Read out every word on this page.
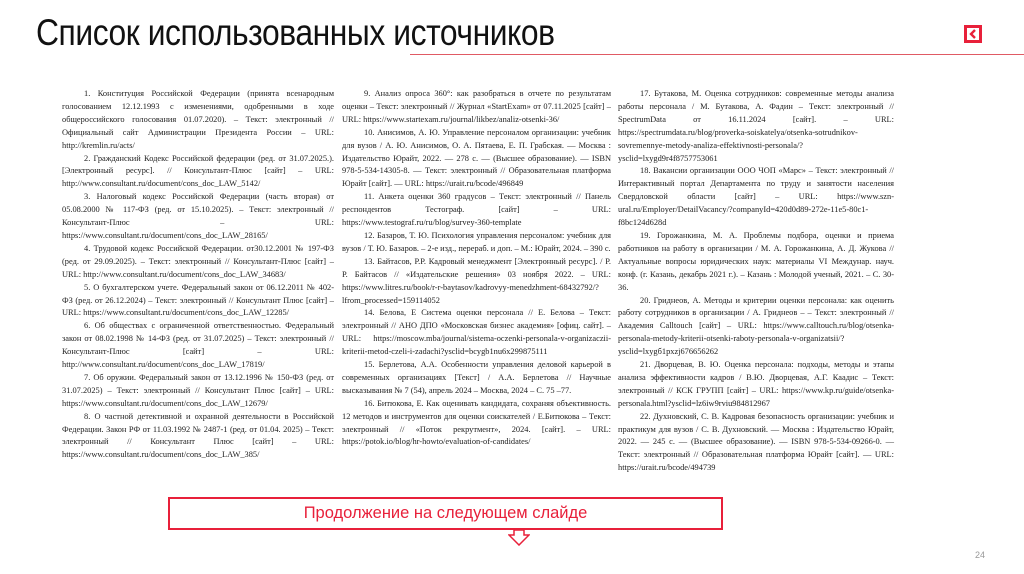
Список использованных источников

1. Конституция Российской Федерации (принята всенародным голосованием 12.12.1993 с изменениями, одобренными в ходе общероссийского голосования 01.07.2020). – Текст: электронный // Официальный сайт Администрации Президента России – URL: http://kremlin.ru/acts/

2. Гражданский Кодекс Российской федерации (ред. от 31.07.2025.). [Электронный ресурс]. // Консультант-Плюс [сайт] – URL: http://www.consultant.ru/document/cons_doc_LAW_5142/

3. Налоговый кодекс Российской Федерации (часть вторая) от 05.08.2000 № 117-ФЗ (ред. от 15.10.2025). – Текст: электронный // Консультант-Плюс – URL: https://www.consultant.ru/document/cons_doc_LAW_28165/

4. Трудовой кодекс Российской Федерации. от30.12.2001 № 197-ФЗ (ред. от 29.09.2025). – Текст: электронный // Консультант-Плюс [сайт] – URL: http://www.consultant.ru/document/cons_doc_LAW_34683/

5. О бухгалтерском учете. Федеральный закон от 06.12.2011 № 402-ФЗ (ред. от 26.12.2024) – Текст: электронный // Консультант Плюс [сайт] – URL: https://www.consultant.ru/document/cons_doc_LAW_12285/

6. Об обществах с ограниченной ответственностью. Федеральный закон от 08.02.1998 № 14-ФЗ (ред. от 31.07.2025) – Текст: электронный // Консультант-Плюс [сайт] – URL: http://www.consultant.ru/document/cons_doc_LAW_17819/

7. Об оружии. Федеральный закон от 13.12.1996 № 150-ФЗ (ред. от 31.07.2025) – Текст: электронный // Консультант Плюс [сайт] – URL: https://www.consultant.ru/document/cons_doc_LAW_12679/

8. О частной детективной и охранной деятельности в Российской Федерации. Закон РФ от 11.03.1992 № 2487-1 (ред. от 01.04. 2025) – Текст: электронный // Консультант Плюс [сайт] – URL: https://www.consultant.ru/document/cons_doc_LAW_385/

9. Анализ опроса 360°: как разобраться в отчете по результатам оценки – Текст: электронный // Журнал «StartExam» от 07.11.2025 [сайт] – URL: https://www.startexam.ru/journal/likbez/analiz-otsenki-36/

10. Анисимов, А. Ю. Управление персоналом организации: учебник для вузов / А. Ю. Анисимов, О. А. Пятаева, Е. П. Грабская. — Москва : Издательство Юрайт, 2022. — 278 с. — (Высшее образование). — ISBN 978-5-534-14305-8. — Текст: электронный // Образовательная платформа Юрайт [сайт]. — URL: https://urait.ru/bcode/496849

11. Анкета оценки 360 градусов – Текст: электронный // Панель респондентов Тестограф. [сайт] – URL: https://www.testograf.ru/ru/blog/survey-360-template

12. Базаров, Т. Ю. Психология управления персоналом: учебник для вузов / Т. Ю. Базаров. – 2-е изд., перераб. и доп. – М.: Юрайт, 2024. – 390 с.

13. Байтасов, Р.Р. Кадровый менеджмент [Электронный ресурс]. / Р. Р. Байтасов // «Издательские решения» 03 ноября 2022. – URL: https://www.litres.ru/book/r-r-baytasov/kadrovyy-menedzhment-68432792/?lfrom_processed=159114052

14. Белова, Е Система оценки персонала // Е. Белова – Текст: электронный // АНО ДПО «Московская бизнес академия» [офиц. сайт]. – URL: https://moscow.mba/journal/sistema-oczenki-personala-v-organizaczii-kriterii-metod-czeli-i-zadachi?ysclid=bcygb1nu6x299875111

15. Берлетова, А.А. Особенности управления деловой карьерой в современных организациях [Текст] / А.А. Берлетова // Научные высказывания № 7 (54), апрель 2024 – Москва, 2024 – С. 75 –77.

16. Битюкова, Е. Как оценивать кандидата, сохраняя объективность. 12 методов и инструментов для оценки соискателей / Е.Битюкова – Текст: электронный // «Поток рекрутмент», 2024. [сайт]. – URL: https://potok.io/blog/hr-howto/evaluation-of-candidates/

17. Бутакова, М. Оценка сотрудников: современные методы анализа работы персонала / М. Бутакова, А. Фадин – Текст: электронный // SpectrumData от 16.11.2024 [сайт]. – URL: https://spectrumdata.ru/blog/proverka-soiskatelya/otsenka-sotrudnikov-sovremennye-metody-analiza-effektivnosti-personala/?ysclid=lxygd9r4f8757753061

18. Вакансии организации ООО ЧОП «Марс» – Текст: электронный // Интерактивный портал Департамента по труду и занятости населения Свердловской области [сайт] – URL: https://www.szn-ural.ru/Employer/DetailVacancy/?companyId=420d0d89-272e-11e5-80c1-f8bc124d628d

19. Горожанкина, М. А. Проблемы подбора, оценки и приема работников на работу в организации / М. А. Горожанкина, А. Д. Жукова // Актуальные вопросы юридических наук: материалы VI Междунар. науч. конф. (г. Казань, декабрь 2021 г.). – Казань : Молодой ученый, 2021. – С. 30-36.

20. Гриднеов, А. Методы и критерии оценки персонала: как оценить работу сотрудников в организации / А. Гриднеов – – Текст: электронный // Академия Calltouch [сайт] – URL: https://www.calltouch.ru/blog/otsenka-personala-metody-kriterii-otsenki-raboty-personala-v-organizatsii/?ysclid=lxygб1pxzj676656262

21. Дворцевая, В. Ю. Оценка персонала: подходы, методы и этапы анализа эффективности кадров / В.Ю. Дворцевая, А.Г. Каадис – Текст: электронный // КСК ГРУПП [сайт] – URL: https://www.kp.ru/guide/otsenka-personala.html?ysclid=lz6iw9rviu984812967

22. Духновский, С. В. Кадровая безопасность организации: учебник и практикум для вузов / С. В. Духновский. — Москва : Издательство Юрайт, 2022. — 245 с. — (Высшее образование). — ISBN 978-5-534-09266-0. — Текст: электронный // Образовательная платформа Юрайт [сайт]. — URL: https://urait.ru/bcode/494739

Продолжение на следующем слайде
24
